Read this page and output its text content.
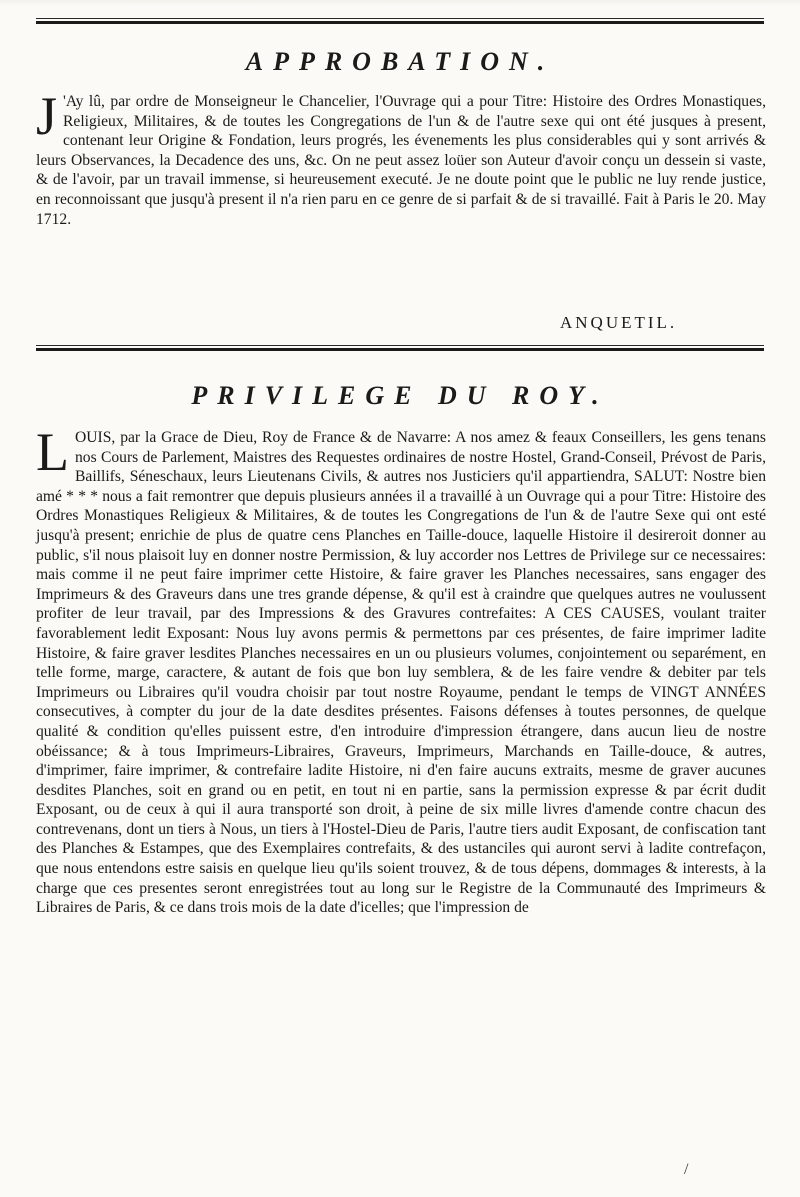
APPROBATION.
J 'Ay lû, par ordre de Monseigneur le Chancelier, l'Ouvrage qui a pour Titre: Histoire des Ordres Monastiques, Religieux, Militaires, & de toutes les Congregations de l'un & de l'autre sexe qui ont été jusques à present, contenant leur Origine & Fondation, leurs progrés, les évenements les plus considerables qui y sont arrivés & leurs Observances, la Decadence des uns, &c. On ne peut assez loüer son Auteur d'avoir conçu un dessein si vaste, & de l'avoir, par un travail immense, si heureusement executé. Je ne doute point que le public ne luy rende justice, en reconnoissant que jusqu'à present il n'a rien paru en ce genre de si parfait & de si travaillé. Fait à Paris le 20. May 1712.

ANQUETIL.
PRIVILEGE DU ROY.
L OUIS, par la Grace de Dieu, Roy de France & de Navarre: A nos amez & feaux Conseillers, les gens tenans nos Cours de Parlement, Maistres des Requestes ordinaires de nostre Hostel, Grand-Conseil, Prévost de Paris, Baillifs, Séneschaux, leurs Lieutenans Civils, & autres nos Justiciers qu'il appartiendra, SALUT: Nostre bien amé * * * nous a fait remontrer que depuis plusieurs années il a travaillé à un Ouvrage qui a pour Titre: Histoire des Ordres Monastiques Religieux & Militaires, & de toutes les Congregations de l'un & de l'autre Sexe qui ont esté jusqu'à present; enrichie de plus de quatre cens Planches en Taille-douce, laquelle Histoire il desireroit donner au public, s'il nous plaisoit luy en donner nostre Permission, & luy accorder nos Lettres de Privilege sur ce necessaires: mais comme il ne peut faire imprimer cette Histoire, & faire graver les Planches necessaires, sans engager des Imprimeurs & des Graveurs dans une tres grande dépense, & qu'il est à craindre que quelques autres ne voulussent profiter de leur travail, par des Impressions & des Gravures contrefaites: A CES CAUSES, voulant traiter favorablement ledit Exposant: Nous luy avons permis & permettons par ces présentes, de faire imprimer ladite Histoire, & faire graver lesdites Planches necessaires en un ou plusieurs volumes, conjointement ou separément, en telle forme, marge, caractere, & autant de fois que bon luy semblera, & de les faire vendre & debiter par tels Imprimeurs ou Libraires qu'il voudra choisir par tout nostre Royaume, pendant le temps de VINGT ANNÉES consecutives, à compter du jour de la date desdites présentes. Faisons défenses à toutes personnes, de quelque qualité & condition qu'elles puissent estre, d'en introduire d'impression étrangere, dans aucun lieu de nostre obéissance; & à tous Imprimeurs-Libraires, Graveurs, Imprimeurs, Marchands en Taille-douce, & autres, d'imprimer, faire imprimer, & contrefaire ladite Histoire, ni d'en faire aucuns extraits, mesme de graver aucunes desdites Planches, soit en grand ou en petit, en tout ni en partie, sans la permission expresse & par écrit dudit Exposant, ou de ceux à qui il aura transporté son droit, à peine de six mille livres d'amende contre chacun des contrevenans, dont un tiers à Nous, un tiers à l'Hostel-Dieu de Paris, l'autre tiers audit Exposant, de confiscation tant des Planches & Estampes, que des Exemplaires contrefaits, & des ustanciles qui auront servi à ladite contrefaçon, que nous entendons estre saisis en quelque lieu qu'ils soient trouvez, & de tous dépens, dommages & interests, à la charge que ces presentes seront enregistrées tout au long sur le Registre de la Communauté des Imprimeurs & Libraires de Paris, & ce dans trois mois de la date d'icelles; que l'impression de

/
